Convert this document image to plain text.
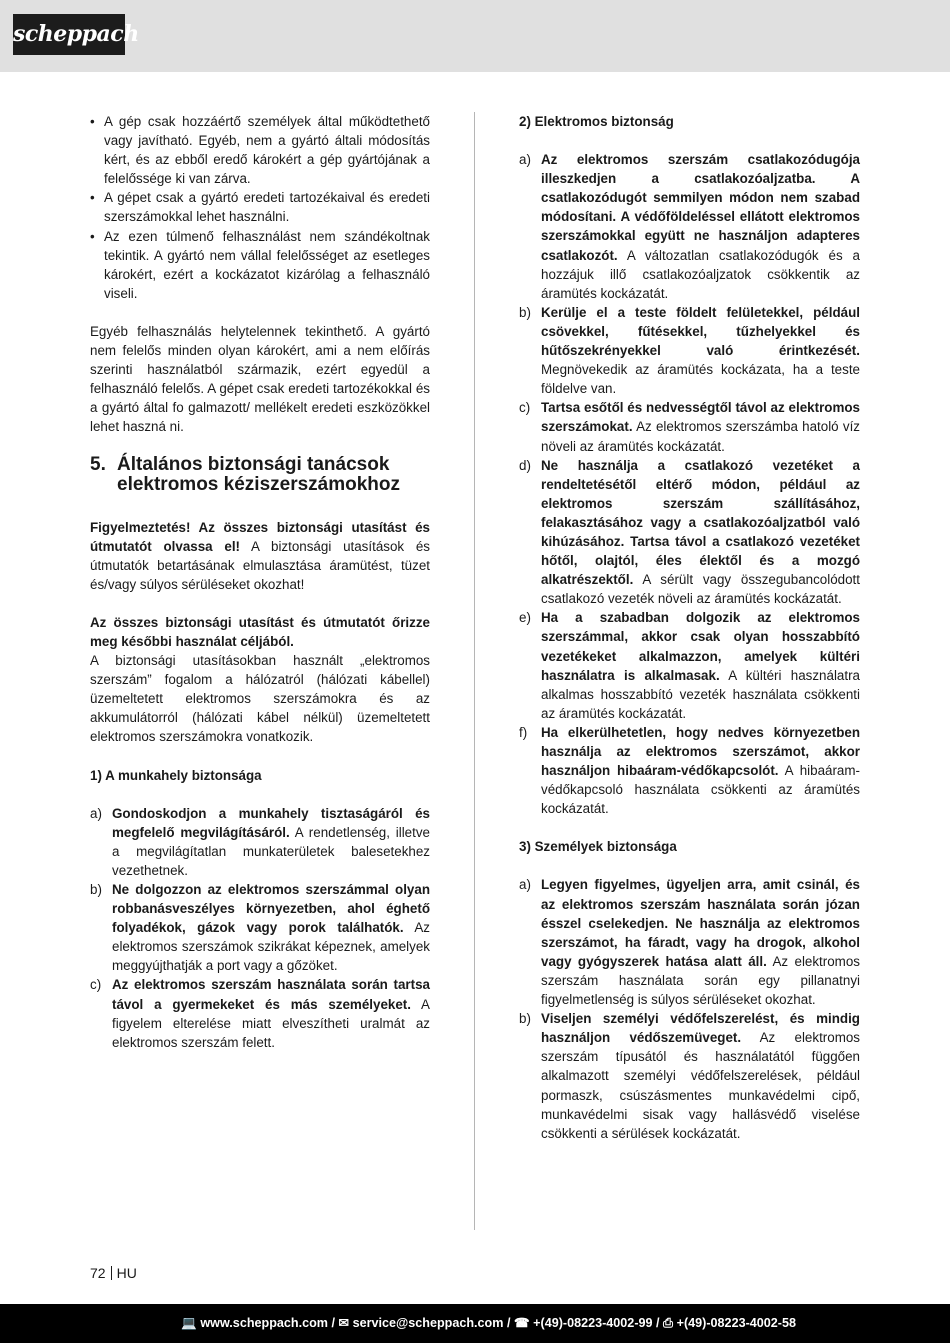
scheppach
• A gép csak hozzáértő személyek által működtethető vagy javítható. Egyéb, nem a gyártó általi módosítás kért, és az ebből eredő károkért a gép gyártójának a felelőssége ki van zárva.
• A gépet csak a gyártó eredeti tartozékaival és eredeti szerszámokkal lehet használni.
• Az ezen túlmenő felhasználást nem szándékoltnak tekintik. A gyártó nem vállal felelősséget az esetleges károkért, ezért a kockázatot kizárólag a felhasználó viseli.

Egyéb felhasználás helytelennek tekinthető. A gyártó nem felelős minden olyan károkért, ami a nem előírás szerinti használatból származik, ezért egyedül a felhasználó felelős. A gépet csak eredeti tartozékokkal és a gyártó által fo galmazott/ mellékelt eredeti eszközökkel lehet haszná ni.

5. Általános biztonsági tanácsok elektromos kéziszerszámokhoz

Figyelmeztetés! Az összes biztonsági utasítást és útmutatót olvassa el! A biztonsági utasítások és útmutatók betartásának elmulasztása áramütést, tüzet és/vagy súlyos sérüléseket okozhat!

Az összes biztonsági utasítást és útmutatót őrizze meg későbbi használat céljából.

A biztonsági utasításokban használt „elektromos szerszám” fogalom a hálózatról (hálózati kábellel) üzemeltetett elektromos szerszámokra és az akkumulátorról (hálózati kábel nélkül) üzemeltetett elektromos szerszámokra vonatkozik.

1) A munkahely biztonsága

a) Gondoskodjon a munkahely tisztaságáról és megfelelő megvilágításáról. A rendetlenség, illetve a megvilágítatlan munkaterületek balesetekhez vezethetnek.
b) Ne dolgozzon az elektromos szerszámmal olyan robbanásveszélyes környezetben, ahol éghető folyadékok, gázok vagy porok találhatók. Az elektromos szerszámok szikrákat képeznek, amelyek meggyújthatják a port vagy a gőzöket.
c) Az elektromos szerszám használata során tartsa távol a gyermekeket és más személyeket. A figyelem elterelése miatt elveszítheti uralmát az elektromos szerszám felett.

2) Elektromos biztonság

a) Az elektromos szerszám csatlakozódugója illeszkedjen a csatlakozóaljzatba. A csatlakozódugót semmilyen módon nem szabad módosítani. A védőföldeléssel ellátott elektromos szerszámokkal együtt ne használjon adapteres csatlakozót. A változatlan csatlakozódugók és a hozzájuk illő csatlakozóaljzatok csökkentik az áramütés kockázatát.
b) Kerülje el a teste földelt felületekkel, például csövekkel, fűtésekkel, tűzhelyekkel és hűtőszekrényekkel való érintkezését. Megnövekedik az áramütés kockázata, ha a teste földelve van.
c) Tartsa esőtől és nedvességtől távol az elektromos szerszámokat. Az elektromos szerszámba hatoló víz növeli az áramütés kockázatát.
d) Ne használja a csatlakozó vezetéket a rendeltetésétől eltérő módon, például az elektromos szerszám szállításához, felakasztásához vagy a csatlakozóaljzatból való kihúzásához. Tartsa távol a csatlakozó vezetéket hőtől, olajtól, éles élektől és a mozgó alkatrészektől. A sérült vagy összegubancolódott csatlakozó vezeték növeli az áramütés kockázatát.
e) Ha a szabadban dolgozik az elektromos szerszámmal, akkor csak olyan hosszabbító vezetékeket alkalmazzon, amelyek kültéri használatra is alkalmasak. A kültéri használatra alkalmas hosszabbító vezeték használata csökkenti az áramütés kockázatát.
f)	Ha elkerülhetetlen, hogy nedves környezetben használja az elektromos szerszámot, akkor használjon hibaáram-védőkapcsolót. A hibaáram-védőkapcsoló használata csökkenti az áramütés kockázatát.

3) Személyek biztonsága

a) Legyen figyelmes, ügyeljen arra, amit csinál, és az elektromos szerszám használata során józan ésszel cselekedjen. Ne használja az elektromos szerszámot, ha fáradt, vagy ha drogok, alkohol vagy gyógyszerek hatása alatt áll. Az elektromos szerszám használata során egy pillanatnyi figyelmetlenség is súlyos sérüléseket okozhat.
b) Viseljen személyi védőfelszerelést, és mindig használjon védőszemüveget. Az elektromos szerszám típusától és használatától függően alkalmazott személyi védőfelszerelések, például pormaszk, csúszásmentes munkavédelmi cipő, munkavédelmi sisak vagy hallásvédő viselése csökkenti a sérülések kockázatát.
72 HU
💻 www.scheppach.com / ✉ service@scheppach.com / ☎ +(49)-08223-4002-99 / ⎙ +(49)-08223-4002-58
